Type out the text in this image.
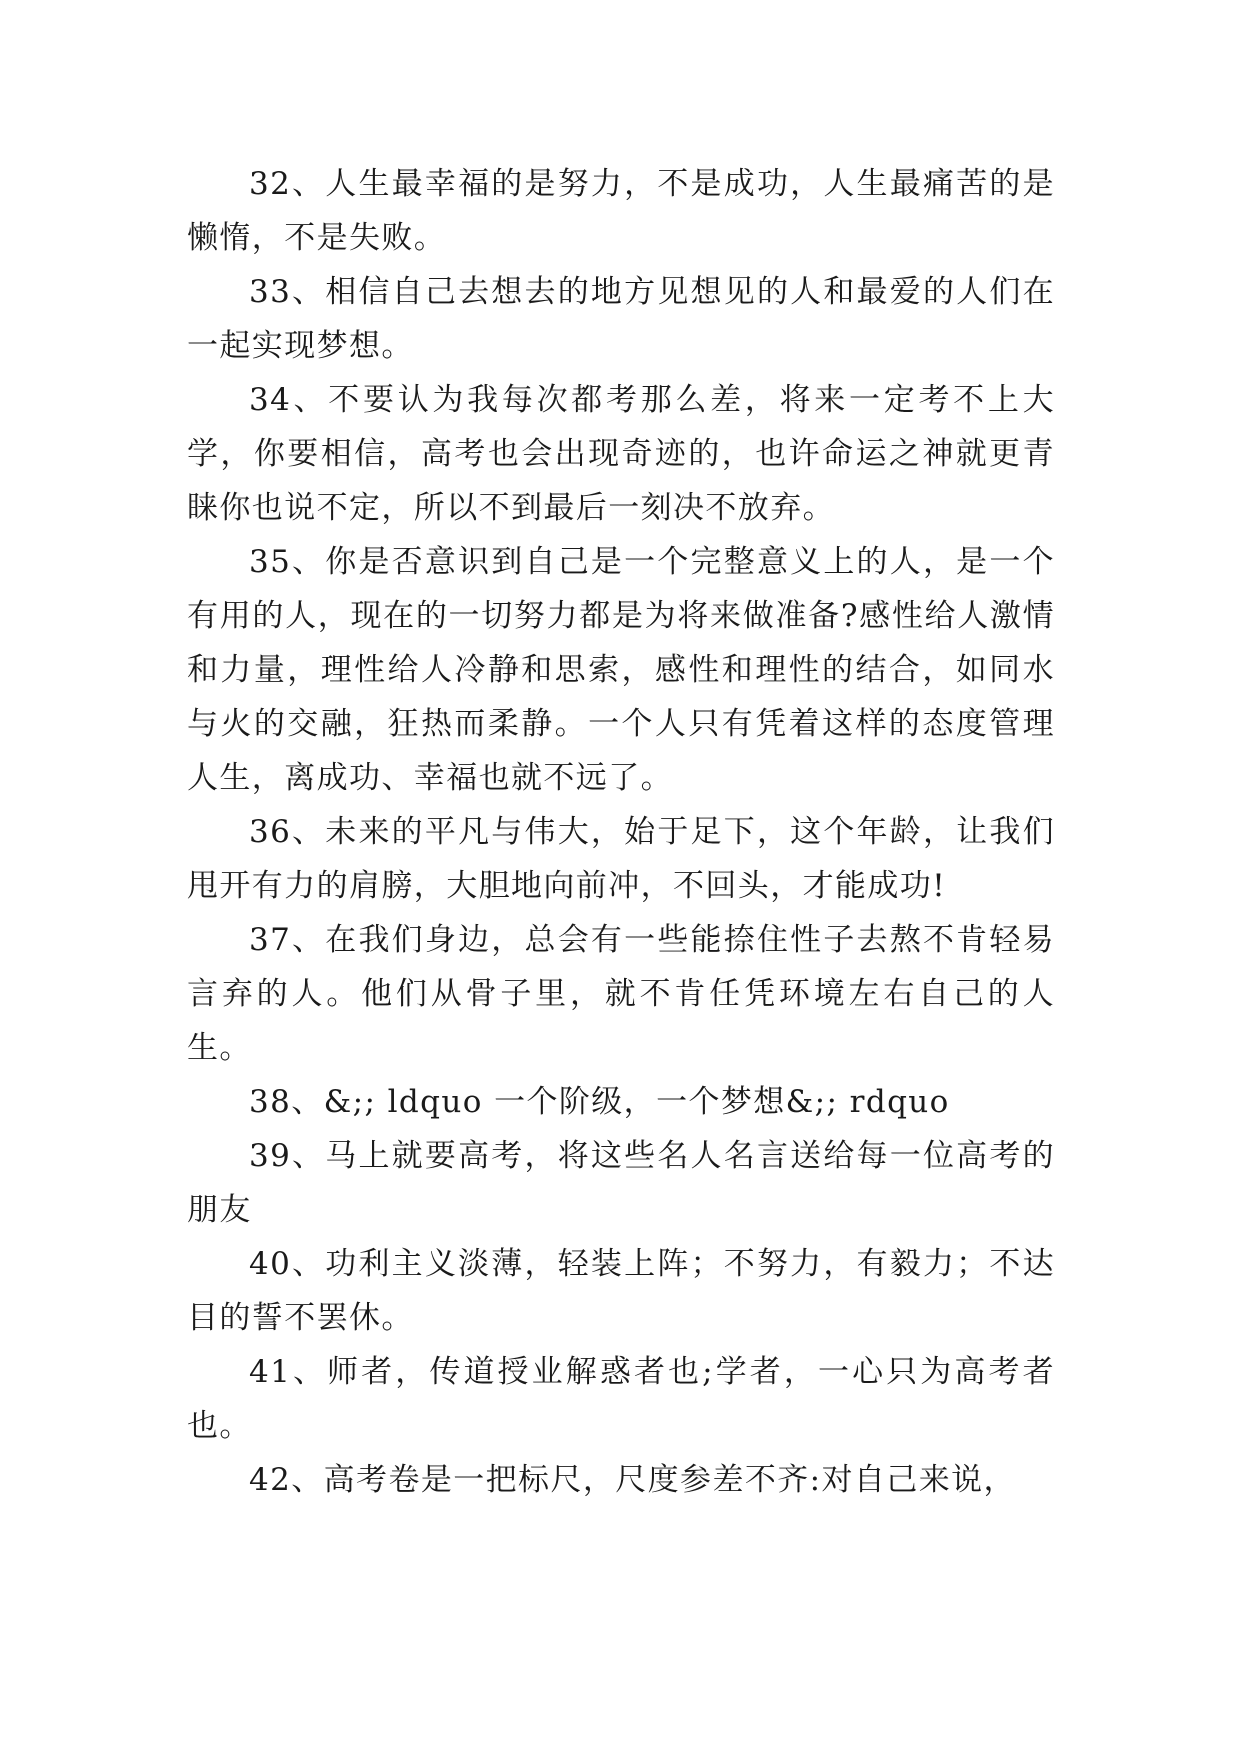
32、人生最幸福的是努力，不是成功，人生最痛苦的是懒惰，不是失败。

33、相信自己去想去的地方见想见的人和最爱的人们在一起实现梦想。

34、不要认为我每次都考那么差，将来一定考不上大学，你要相信，高考也会出现奇迹的，也许命运之神就更青睐你也说不定，所以不到最后一刻决不放弃。

35、你是否意识到自己是一个完整意义上的人，是一个有用的人，现在的一切努力都是为将来做准备?感性给人激情和力量，理性给人冷静和思索，感性和理性的结合，如同水与火的交融，狂热而柔静。一个人只有凭着这样的态度管理人生，离成功、幸福也就不远了。

36、未来的平凡与伟大，始于足下，这个年龄，让我们甩开有力的肩膀，大胆地向前冲，不回头，才能成功!

37、在我们身边，总会有一些能捺住性子去熬不肯轻易言弃的人。他们从骨子里，就不肯任凭环境左右自己的人生。

38、&;; ldquo 一个阶级，一个梦想&;; rdquo

39、马上就要高考，将这些名人名言送给每一位高考的朋友

40、功利主义淡薄，轻装上阵；不努力，有毅力；不达目的誓不罢休。

41、师者，传道授业解惑者也;学者，一心只为高考者也。

42、高考卷是一把标尺，尺度参差不齐:对自己来说，
